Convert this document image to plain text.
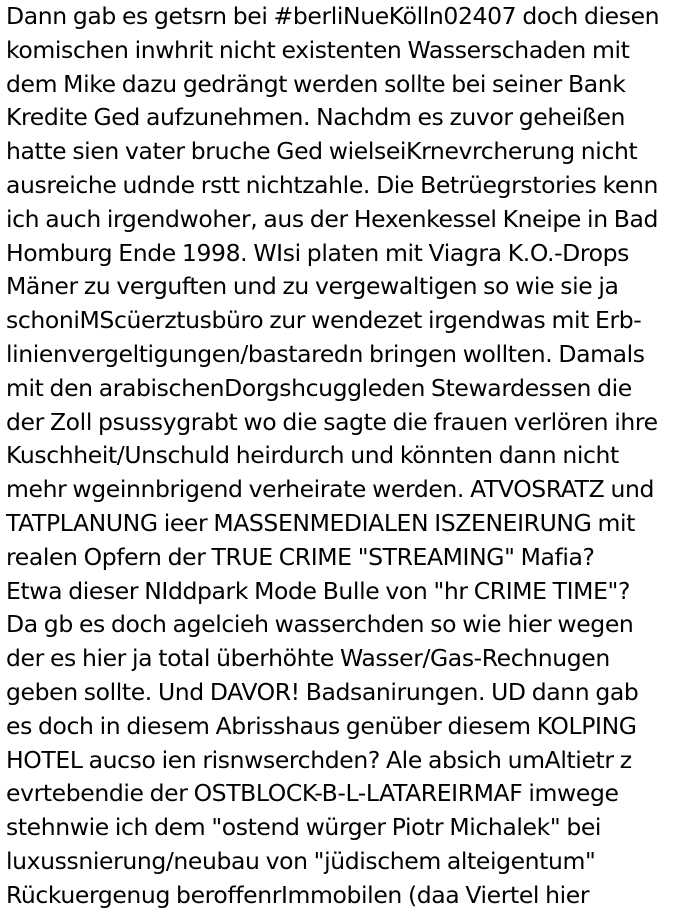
Dann gab es getsrn bei #berliNueKölln02407 doch diesen
komischen inwhrit nicht existenten Wasserschaden mit
dem Mike dazu gedrängt werden sollte bei seiner Bank
Kredite Ged aufzunehmen. Nachdm es zuvor geheißen
hatte sien vater bruche Ged wielseiKrnevrcherung nicht
ausreiche udnde rstt nichtzahle. Die Betrüegrstories kenn
ich auch irgendwoher, aus der Hexenkessel Kneipe in Bad
Homburg Ende 1998. WIsi platen mit Viagra K.O.-Drops
Mäner zu verguften und zu vergewaltigen so wie sie ja
schoniMScüerztusbüro zur wendezet irgendwas mit Erb-
linienvergeltigungen/bastaredn bringen wollten. Damals
mit den arabischenDorgshcuggleden Stewardessen die
der Zoll psussygrabt wo die sagte die frauen verlören ihre
Kuschheit/Unschuld heirdurch und könnten dann nicht
mehr wgeinnbrigend verheirate werden. ATVOSRATZ und
TATPLANUNG ieer MASSENMEDIALEN ISZENEIRUNG mit
realen Opfern der TRUE CRIME "STREAMING" Mafia?
Etwa dieser NIddpark Mode Bulle von "hr CRIME TIME"?
Da gb es doch agelcieh wasserchden so wie hier wegen
der es hier ja total überhöhte Wasser/Gas-Rechnugen
geben sollte. Und DAVOR! Badsanirungen. UD dann gab
es doch in diesem Abrisshaus genüber diesem KOLPING
HOTEL aucso ien risnwserchden? Ale absich umAltietr z
evrtebendie der OSTBLOCK-B-L-LATAREIRMAF imwege
stehnwie ich dem "ostend würger Piotr Michalek" bei
luxussnierung/neubau von "jüdischem alteigentum"
Rückuergenug beroffenrImmobilen (daa Viertel hier
